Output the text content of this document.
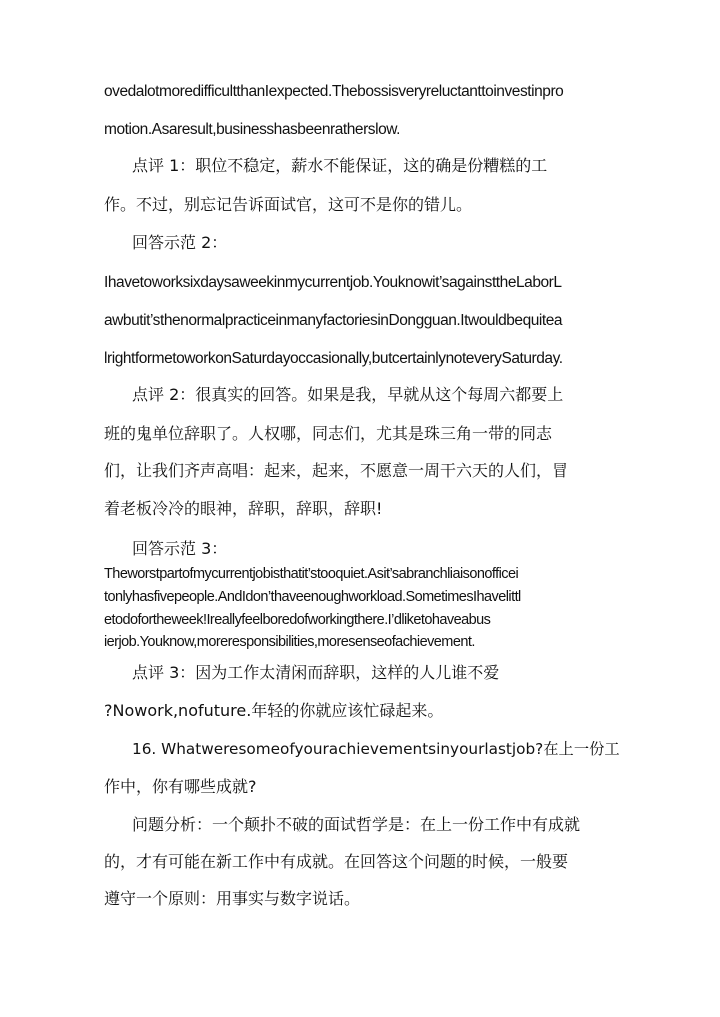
ovedalotmoredifficultthanIexpected.Thebossisveryreluctanttoinvestinpro
motion.Asaresult,businesshasbeenratherslow.
点评 1：职位不稳定，薪水不能保证，这的确是份糟糕的工
作。不过，别忘记告诉面试官，这可不是你的错儿。
回答示范 2：
Ihavetoworksixdaysaweekinmycurrentjob.Youknowit’sagainsttheLaborL
awbutit’sthenormalpracticeinmanyfactoriesinDongguan.Itwouldbequitea
lrightformetoworkonSaturdayoccasionally,butcertainlynoteverySaturday.
点评 2：很真实的回答。如果是我，早就从这个每周六都要上
班的鬼单位辞职了。人权哪，同志们，尤其是珠三角一带的同志
们，让我们齐声高唱：起来，起来，不愿意一周干六天的人们，冒
着老板冷冷的眼神，辞职，辞职，辞职!
回答示范 3：
Theworstpartofmycurrentjobisthatit’stooquiet.Asit’sabranchliaisonofficei
tonlyhasfivepeople.AndIdon’thaveenoughworkload.SometimesIhavelittl
etodofortheweek!Ireallyfeelboredofworkingthere.I’dliketohaveabus
ierjob.Youknow,moreresponsibilities,moresenseofachievement.
点评 3：因为工作太清闲而辞职，这样的人儿谁不爱
?Nowork,nofuture.年轻的你就应该忙碌起来。
16. Whatweresomeofyourachievementsinyourlastjob?在上一份工
作中，你有哪些成就?
问题分析：一个颠扑不破的面试哲学是：在上一份工作中有成就
的，才有可能在新工作中有成就。在回答这个问题的时候，一般要
遵守一个原则：用事实与数字说话。
